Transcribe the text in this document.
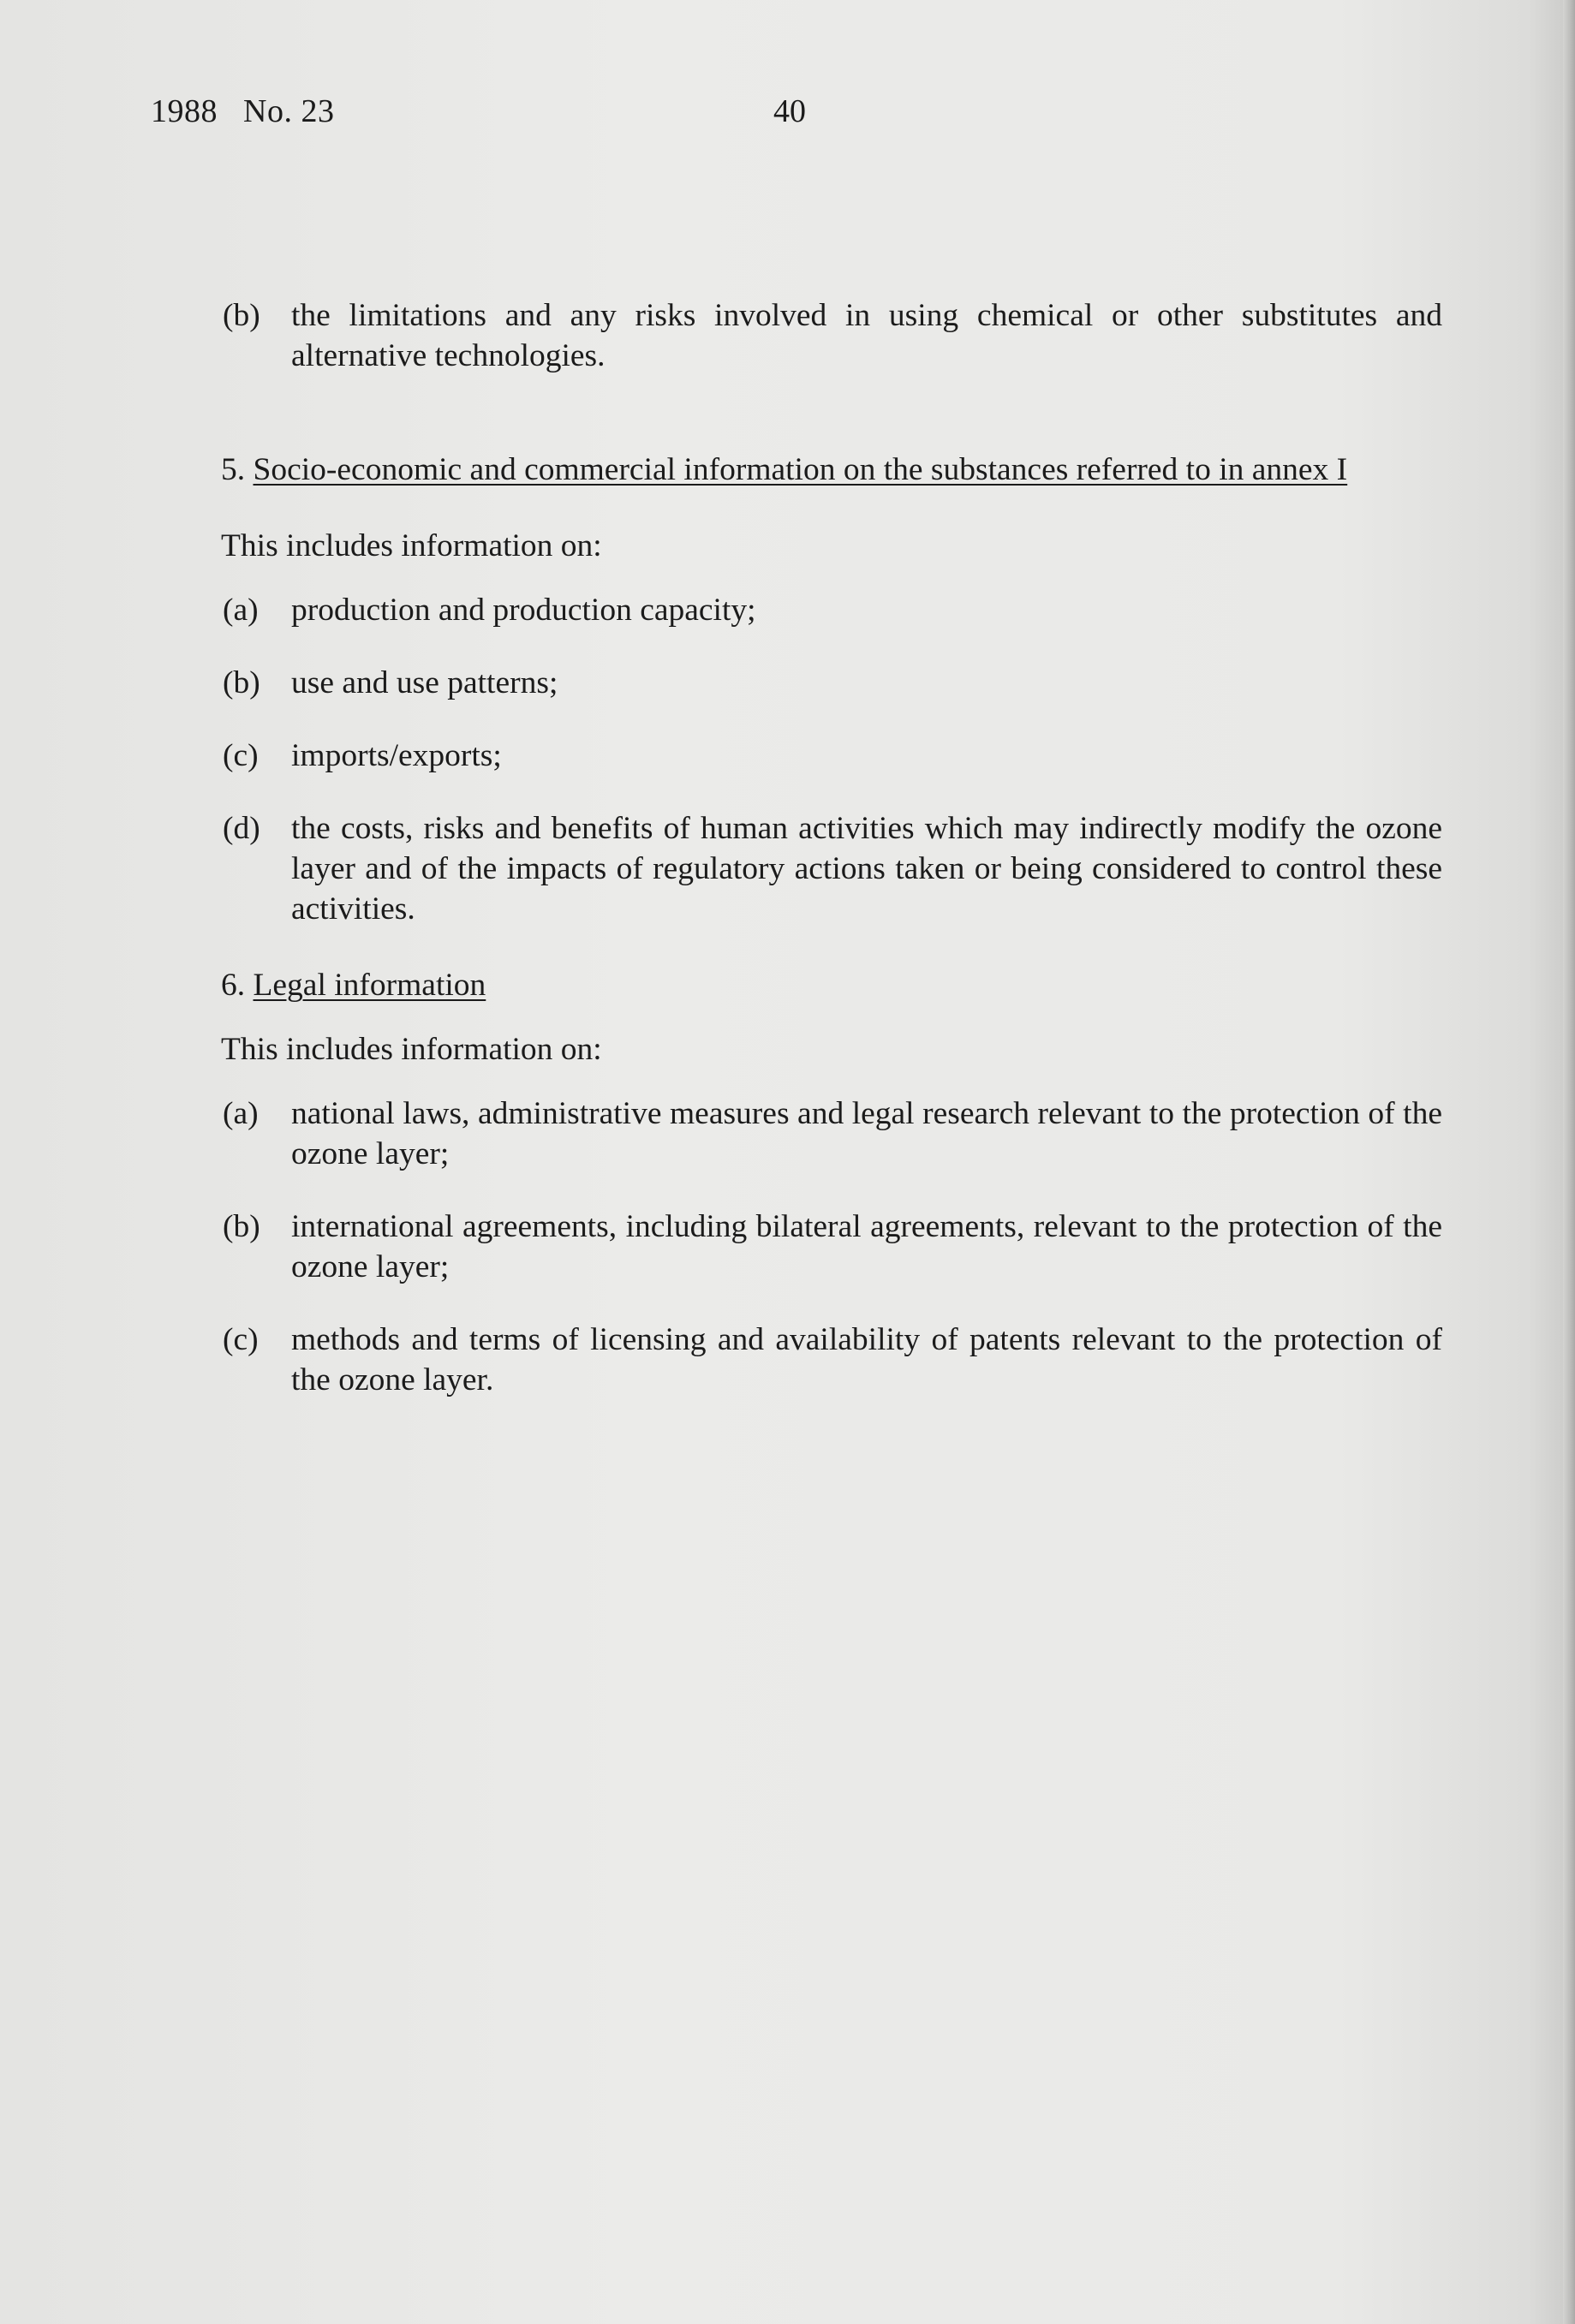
1988   No. 23	40
(b) the limitations and any risks involved in using chemical or other substitutes and alternative technologies.
5. Socio-economic and commercial information on the substances referred to in annex I
This includes information on:
(a) production and production capacity;
(b) use and use patterns;
(c) imports/exports;
(d) the costs, risks and benefits of human activities which may indirectly modify the ozone layer and of the impacts of regulatory actions taken or being considered to control these activities.
6. Legal information
This includes information on:
(a) national laws, administrative measures and legal research relevant to the protection of the ozone layer;
(b) international agreements, including bilateral agreements, relevant to the protection of the ozone layer;
(c) methods and terms of licensing and availability of patents relevant to the protection of the ozone layer.
